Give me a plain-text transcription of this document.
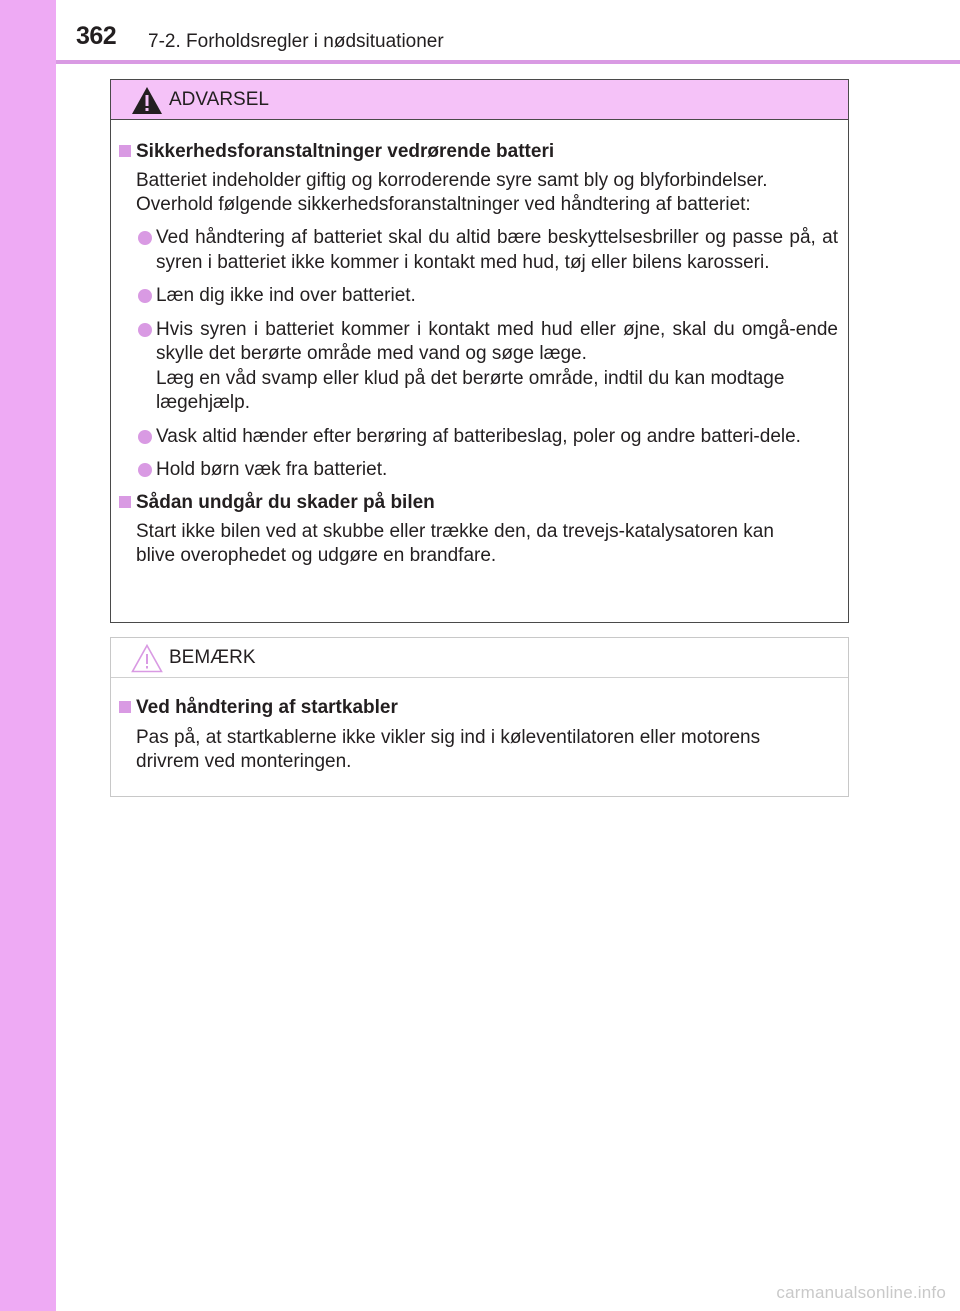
362 7-2. Forholdsregler i nødsituationer
ADVARSEL
Sikkerhedsforanstaltninger vedrørende batteri
Batteriet indeholder giftig og korroderende syre samt bly og blyforbindelser.
Overhold følgende sikkerhedsforanstaltninger ved håndtering af batteriet:
Ved håndtering af batteriet skal du altid bære beskyttelsesbriller og passe på, at syren i batteriet ikke kommer i kontakt med hud, tøj eller bilens karosseri.
Læn dig ikke ind over batteriet.
Hvis syren i batteriet kommer i kontakt med hud eller øjne, skal du omgå-ende skylle det berørte område med vand og søge læge.
Læg en våd svamp eller klud på det berørte område, indtil du kan modtage lægehjælp.
Vask altid hænder efter berøring af batteribeslag, poler og andre batteri-dele.
Hold børn væk fra batteriet.
Sådan undgår du skader på bilen
Start ikke bilen ved at skubbe eller trække den, da trevejs-katalysatoren kan
blive overophedet og udgøre en brandfare.
BEMÆRK
Ved håndtering af startkabler
Pas på, at startkablerne ikke vikler sig ind i køleventilatoren eller motorens
drivrem ved monteringen.
carmanualsonline.info
